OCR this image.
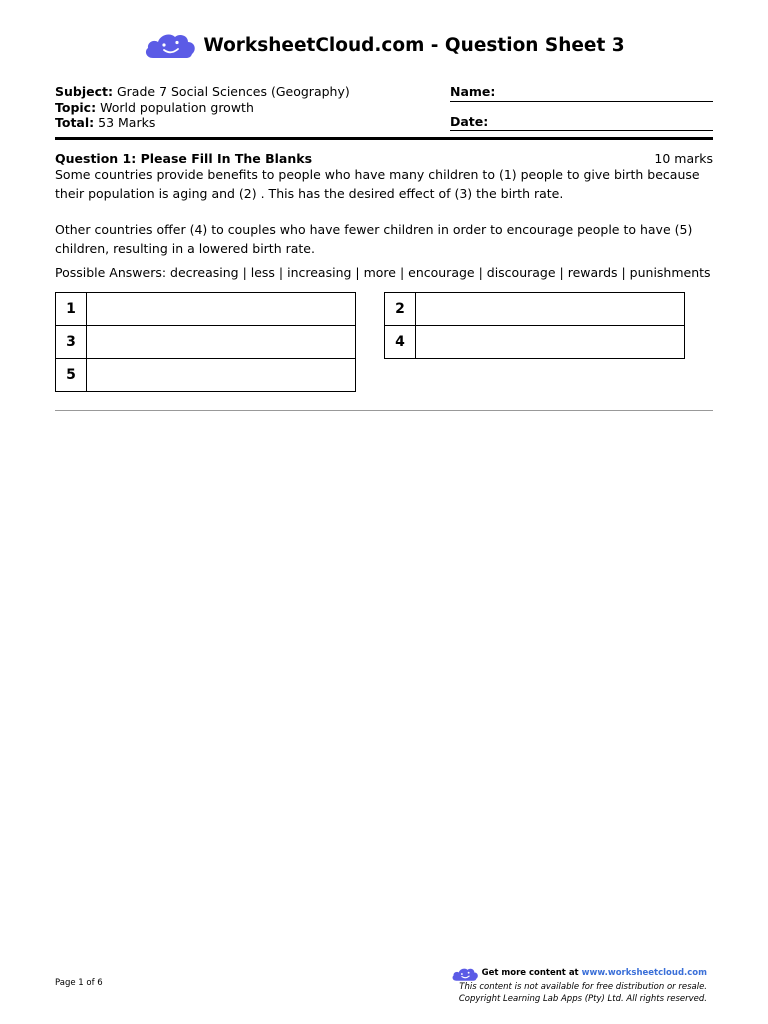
WorksheetCloud.com - Question Sheet 3
Subject: Grade 7 Social Sciences (Geography)
Topic: World population growth
Total: 53 Marks
Name:
Date:
Question 1: Please Fill In The Blanks	10 marks
Some countries provide benefits to people who have many children to (1) people to give birth because their population is aging and (2) . This has the desired effect of (3) the birth rate.
Other countries offer (4) to couples who have fewer children in order to encourage people to have (5) children, resulting in a lowered birth rate.
Possible Answers: decreasing | less | increasing | more | encourage | discourage | rewards | punishments
1
3
5
2
4
Page 1 of 6
Get more content at www.worksheetcloud.com
This content is not available for free distribution or resale.
Copyright Learning Lab Apps (Pty) Ltd. All rights reserved.
